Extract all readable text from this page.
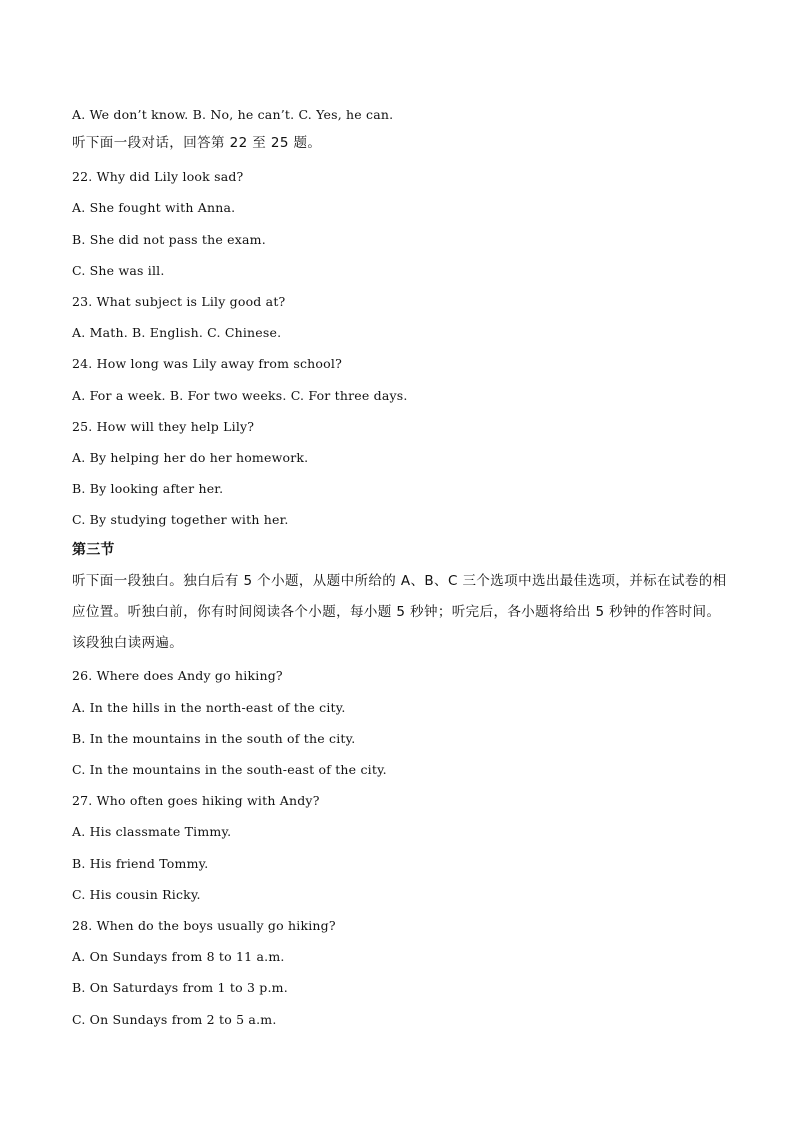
A. We don’t know. B. No, he can’t. C. Yes, he can.
听下面一段对话，回答第 22 至 25 题。
22. Why did Lily look sad?
A. She fought with Anna.
B. She did not pass the exam.
C. She was ill.
23. What subject is Lily good at?
A. Math. B. English. C. Chinese.
24. How long was Lily away from school?
A. For a week. B. For two weeks. C. For three days.
25. How will they help Lily?
A. By helping her do her homework.
B. By looking after her.
C. By studying together with her.
第三节
听下面一段独白。独白后有 5 个小题，从题中所给的 A、B、C 三个选项中选出最佳选项，并标在试卷的相
应位置。听独白前，你有时间阅读各个小题，每小题 5 秒钟；听完后，各小题将给出 5 秒钟的作答时间。
该段独白读两遍。
26. Where does Andy go hiking?
A. In the hills in the north-east of the city.
B. In the mountains in the south of the city.
C. In the mountains in the south-east of the city.
27. Who often goes hiking with Andy?
A. His classmate Timmy.
B. His friend Tommy.
C. His cousin Ricky.
28. When do the boys usually go hiking?
A. On Sundays from 8 to 11 a.m.
B. On Saturdays from 1 to 3 p.m.
C. On Sundays from 2 to 5 a.m.
